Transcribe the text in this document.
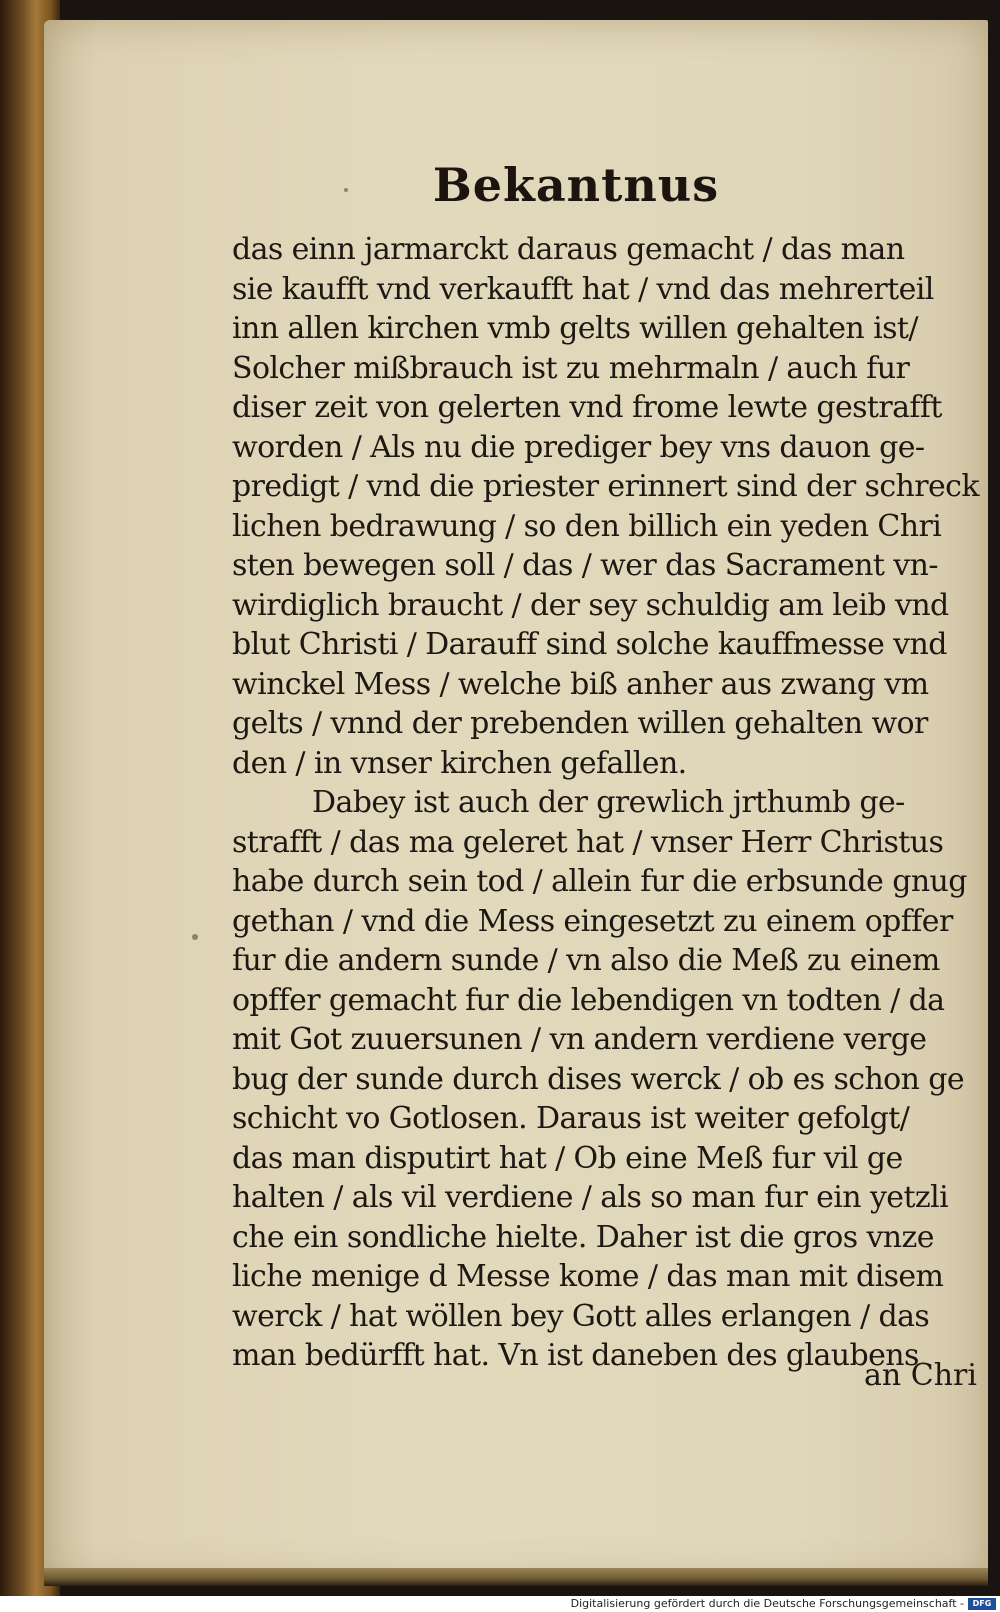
Bekantnus
das einn jarmarckt daraus gemacht / das man
sie kaufft vnd verkaufft hat / vnd das mehrerteil
inn allen kirchen vmb gelts willen gehalten ist/
Solcher mißbrauch ist zu mehrmaln / auch fur
diser zeit von gelerten vnd frome lewte gestrafft
worden / Als nu die prediger bey vns dauon ge-
predigt / vnd die priester erinnert sind der schreck
lichen bedrawung / so den billich ein yeden Chri
sten bewegen soll / das / wer das Sacrament vn-
wirdiglich braucht / der sey schuldig am leib vnd
blut Christi / Darauff sind solche kauffmesse vnd
winckel Mess / welche biß anher aus zwang vm
gelts / vnnd der prebenden willen gehalten wor
den / in vnser kirchen gefallen.
Dabey ist auch der grewlich jrthumb ge-
strafft / das ma geleret hat / vnser Herr Christus
habe durch sein tod / allein fur die erbsunde gnug
gethan / vnd die Mess eingesetzt zu einem opffer
fur die andern sunde / vn also die Meß zu einem
opffer gemacht fur die lebendigen vn todten / da
mit Got zuuersunen / vn andern verdiene verge
bug der sunde durch dises werck / ob es schon ge
schicht vo Gotlosen. Daraus ist weiter gefolgt/
das man disputirt hat / Ob eine Meß fur vil ge
halten / als vil verdiene / als so man fur ein yetzli
che ein sondliche hielte. Daher ist die gros vnze
liche menige d Messe kome / das man mit disem
werck / hat wöllen bey Gott alles erlangen / das
man bedürfft hat. Vn ist daneben des glaubens
an Chri
Digitalisierung gefördert durch die Deutsche Forschungsgemeinschaft -	DFG
